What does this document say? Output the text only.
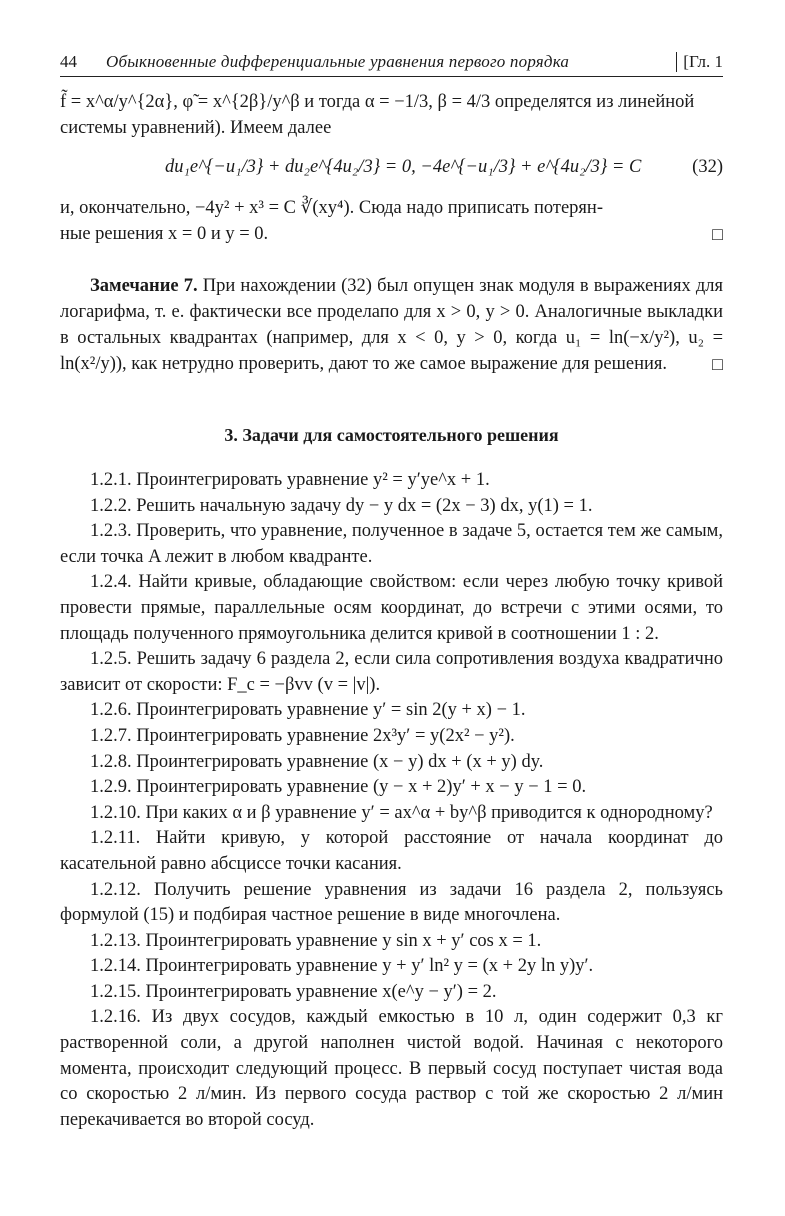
44	Обыкновенные дифференциальные уравнения первого порядка	[Гл. 1

f̃ = x^α/y^{2α}, φ̃ = x^{2β}/y^β и тогда α = −1/3, β = 4/3 определятся из линейной

системы уравнений). Имеем далее

du₁e^{−u₁/3} + du₂e^{4u₂/3} = 0, −4e^{−u₁/3} + e^{4u₂/3} = C	(32)

и, окончательно, −4y² + x³ = C ∛(xy⁴). Сюда надо приписать потерян-

ные решения x = 0 и y = 0.	□

Замечание 7. При нахождении (32) был опущен знак модуля в выражениях для логарифма, т. е. фактически все проделапо для x > 0, y > 0. Аналогичные выкладки в остальных квадрантах (например, для x < 0, y > 0, когда u₁ = ln(−x/y²), u₂ = ln(x²/y)), как нетрудно проверить, дают то же самое выражение для решения.	□

3. Задачи для самостоятельного решения

1.2.1. Проинтегрировать уравнение y² = y′ye^x + 1.

1.2.2. Решить начальную задачу dy − y dx = (2x − 3) dx, y(1) = 1.

1.2.3. Проверить, что уравнение, полученное в задаче 5, остается тем же самым, если точка A лежит в любом квадранте.

1.2.4. Найти кривые, обладающие свойством: если через любую точку кривой провести прямые, параллельные осям координат, до встречи с этими осями, то площадь полученного прямоугольника делится кривой в соотношении 1 : 2.

1.2.5. Решить задачу 6 раздела 2, если сила сопротивления воздуха квадратично зависит от скорости: F_c = −βvv (v = |v|).

1.2.6. Проинтегрировать уравнение y′ = sin 2(y + x) − 1.

1.2.7. Проинтегрировать уравнение 2x³y′ = y(2x² − y²).

1.2.8. Проинтегрировать уравнение (x − y) dx + (x + y) dy.

1.2.9. Проинтегрировать уравнение (y − x + 2)y′ + x − y − 1 = 0.

1.2.10. При каких α и β уравнение y′ = ax^α + by^β приводится к однородному?

1.2.11. Найти кривую, у которой расстояние от начала координат до касательной равно абсциссе точки касания.

1.2.12. Получить решение уравнения из задачи 16 раздела 2, пользуясь формулой (15) и подбирая частное решение в виде многочлена.

1.2.13. Проинтегрировать уравнение y sin x + y′ cos x = 1.

1.2.14. Проинтегрировать уравнение y + y′ ln² y = (x + 2y ln y)y′.

1.2.15. Проинтегрировать уравнение x(e^y − y′) = 2.

1.2.16. Из двух сосудов, каждый емкостью в 10 л, один содержит 0,3 кг растворенной соли, а другой наполнен чистой водой. Начиная с некоторого момента, происходит следующий процесс. В первый сосуд поступает чистая вода со скоростью 2 л/мин. Из первого сосуда раствор с той же скоростью 2 л/мин перекачивается во второй сосуд.
